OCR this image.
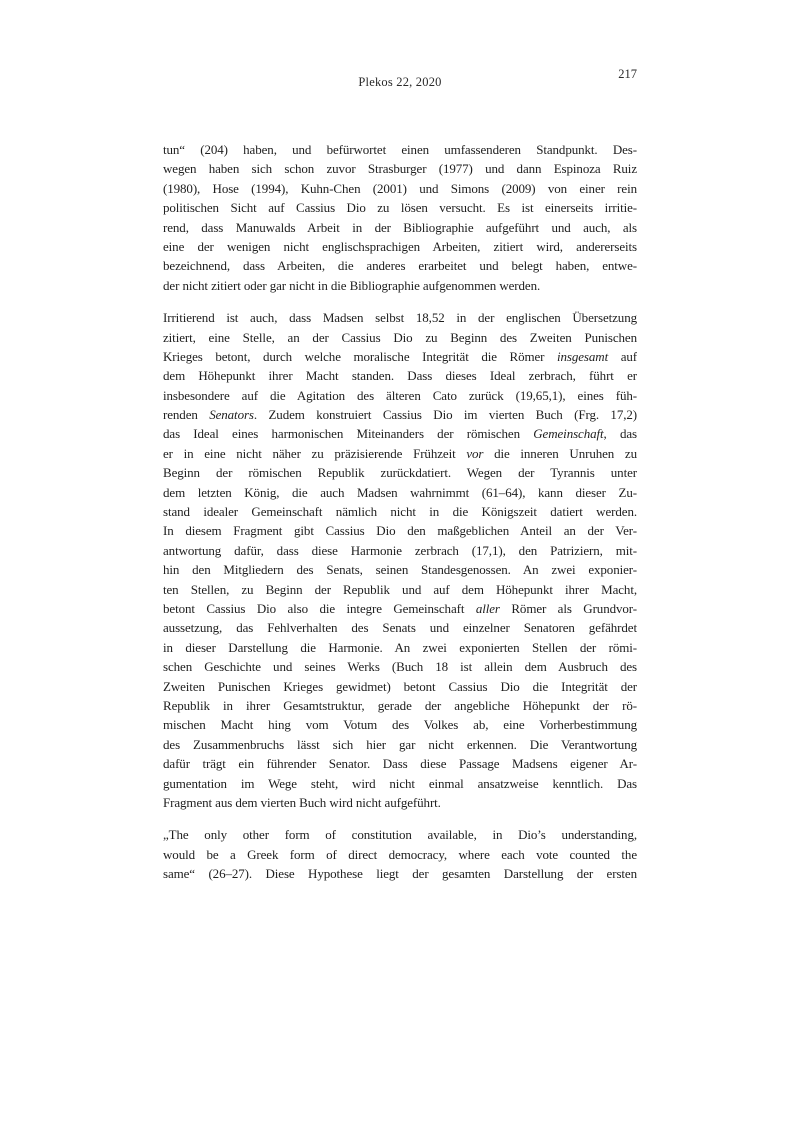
Plekos 22, 2020
217
tun“ (204) haben, und befürwortet einen umfassenderen Standpunkt. Des-
wegen haben sich schon zuvor Strasburger (1977) und dann Espinoza Ruiz
(1980), Hose (1994), Kuhn-Chen (2001) und Simons (2009) von einer rein
politischen Sicht auf Cassius Dio zu lösen versucht. Es ist einerseits irritie-
rend, dass Manuwalds Arbeit in der Bibliographie aufgeführt und auch, als
eine der wenigen nicht englischsprachigen Arbeiten, zitiert wird, andererseits
bezeichnend, dass Arbeiten, die anderes erarbeitet und belegt haben, entwe-
der nicht zitiert oder gar nicht in die Bibliographie aufgenommen werden.
Irritierend ist auch, dass Madsen selbst 18,52 in der englischen Übersetzung
zitiert, eine Stelle, an der Cassius Dio zu Beginn des Zweiten Punischen
Krieges betont, durch welche moralische Integrität die Römer insgesamt auf
dem Höhepunkt ihrer Macht standen. Dass dieses Ideal zerbrach, führt er
insbesondere auf die Agitation des älteren Cato zurück (19,65,1), eines füh-
renden Senators. Zudem konstruiert Cassius Dio im vierten Buch (Frg. 17,2)
das Ideal eines harmonischen Miteinanders der römischen Gemeinschaft, das
er in eine nicht näher zu präzisierende Frühzeit vor die inneren Unruhen zu
Beginn der römischen Republik zurückdatiert. Wegen der Tyrannis unter
dem letzten König, die auch Madsen wahrnimmt (61–64), kann dieser Zu-
stand idealer Gemeinschaft nämlich nicht in die Königszeit datiert werden.
In diesem Fragment gibt Cassius Dio den maßgeblichen Anteil an der Ver-
antwortung dafür, dass diese Harmonie zerbrach (17,1), den Patriziern, mit-
hin den Mitgliedern des Senats, seinen Standesgenossen. An zwei exponier-
ten Stellen, zu Beginn der Republik und auf dem Höhepunkt ihrer Macht,
betont Cassius Dio also die integre Gemeinschaft aller Römer als Grundvor-
aussetzung, das Fehlverhalten des Senats und einzelner Senatoren gefährdet
in dieser Darstellung die Harmonie. An zwei exponierten Stellen der römi-
schen Geschichte und seines Werks (Buch 18 ist allein dem Ausbruch des
Zweiten Punischen Krieges gewidmet) betont Cassius Dio die Integrität der
Republik in ihrer Gesamtstruktur, gerade der angebliche Höhepunkt der rö-
mischen Macht hing vom Votum des Volkes ab, eine Vorherbestimmung
des Zusammenbruchs lässt sich hier gar nicht erkennen. Die Verantwortung
dafür trägt ein führender Senator. Dass diese Passage Madsens eigener Ar-
gumentation im Wege steht, wird nicht einmal ansatzweise kenntlich. Das
Fragment aus dem vierten Buch wird nicht aufgeführt.
„The only other form of constitution available, in Dio’s understanding,
would be a Greek form of direct democracy, where each vote counted the
same“ (26–27). Diese Hypothese liegt der gesamten Darstellung der ersten
